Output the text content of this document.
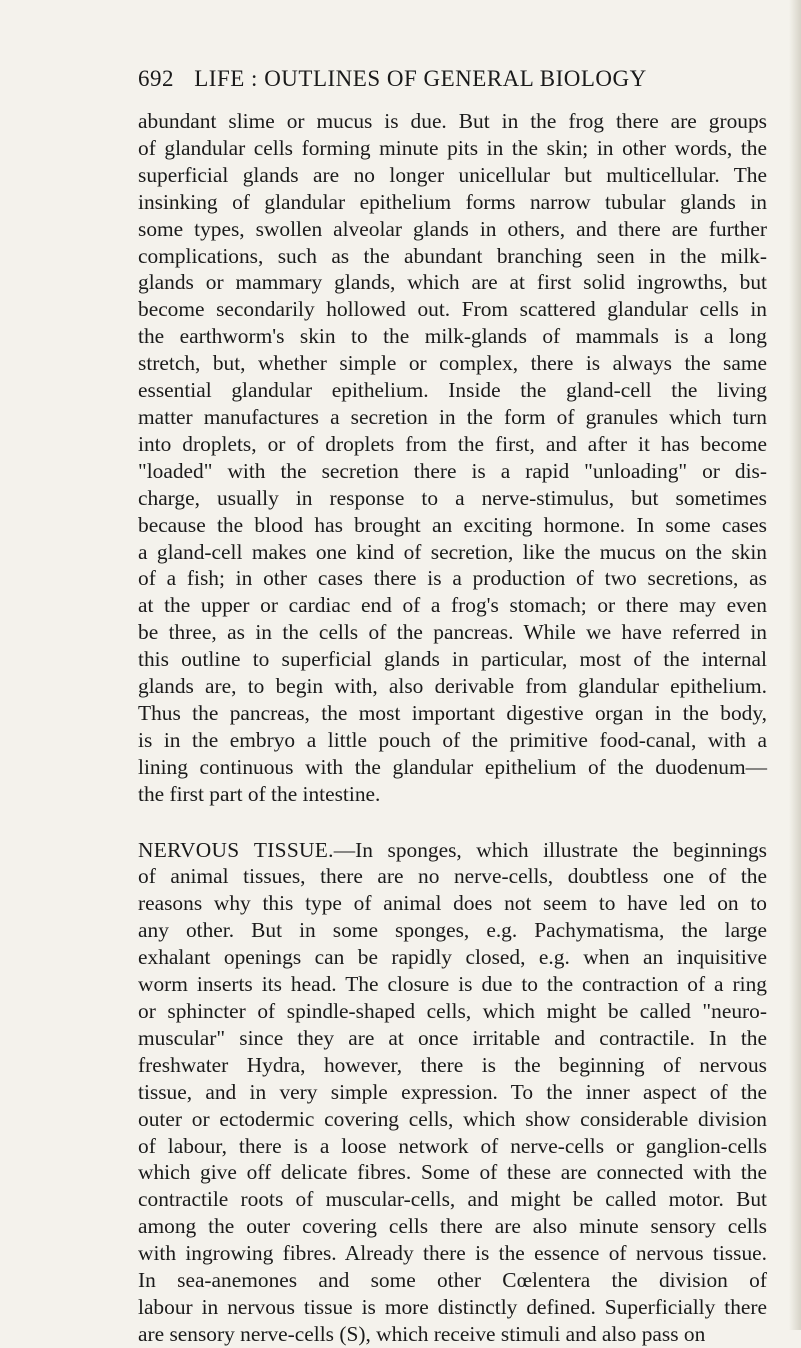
692 LIFE : OUTLINES OF GENERAL BIOLOGY

abundant slime or mucus is due. But in the frog there are groups
of glandular cells forming minute pits in the skin; in other words, the
superficial glands are no longer unicellular but multicellular. The
insinking of glandular epithelium forms narrow tubular glands in
some types, swollen alveolar glands in others, and there are further
complications, such as the abundant branching seen in the milk-
glands or mammary glands, which are at first solid ingrowths, but
become secondarily hollowed out. From scattered glandular cells in
the earthworm's skin to the milk-glands of mammals is a long
stretch, but, whether simple or complex, there is always the same
essential glandular epithelium. Inside the gland-cell the living
matter manufactures a secretion in the form of granules which turn
into droplets, or of droplets from the first, and after it has become
"loaded" with the secretion there is a rapid "unloading" or dis-
charge, usually in response to a nerve-stimulus, but sometimes
because the blood has brought an exciting hormone. In some cases
a gland-cell makes one kind of secretion, like the mucus on the skin
of a fish; in other cases there is a production of two secretions, as
at the upper or cardiac end of a frog's stomach; or there may even
be three, as in the cells of the pancreas. While we have referred in
this outline to superficial glands in particular, most of the internal
glands are, to begin with, also derivable from glandular epithelium.
Thus the pancreas, the most important digestive organ in the body,
is in the embryo a little pouch of the primitive food-canal, with a
lining continuous with the glandular epithelium of the duodenum—
the first part of the intestine.

NERVOUS TISSUE.—In sponges, which illustrate the beginnings
of animal tissues, there are no nerve-cells, doubtless one of the
reasons why this type of animal does not seem to have led on to
any other. But in some sponges, e.g. Pachymatisma, the large
exhalant openings can be rapidly closed, e.g. when an inquisitive
worm inserts its head. The closure is due to the contraction of a ring
or sphincter of spindle-shaped cells, which might be called "neuro-
muscular" since they are at once irritable and contractile. In the
freshwater Hydra, however, there is the beginning of nervous
tissue, and in very simple expression. To the inner aspect of the
outer or ectodermic covering cells, which show considerable division
of labour, there is a loose network of nerve-cells or ganglion-cells
which give off delicate fibres. Some of these are connected with the
contractile roots of muscular-cells, and might be called motor. But
among the outer covering cells there are also minute sensory cells
with ingrowing fibres. Already there is the essence of nervous tissue.
In sea-anemones and some other Cœlentera the division of
labour in nervous tissue is more distinctly defined. Superficially there
are sensory nerve-cells (S), which receive stimuli and also pass on
